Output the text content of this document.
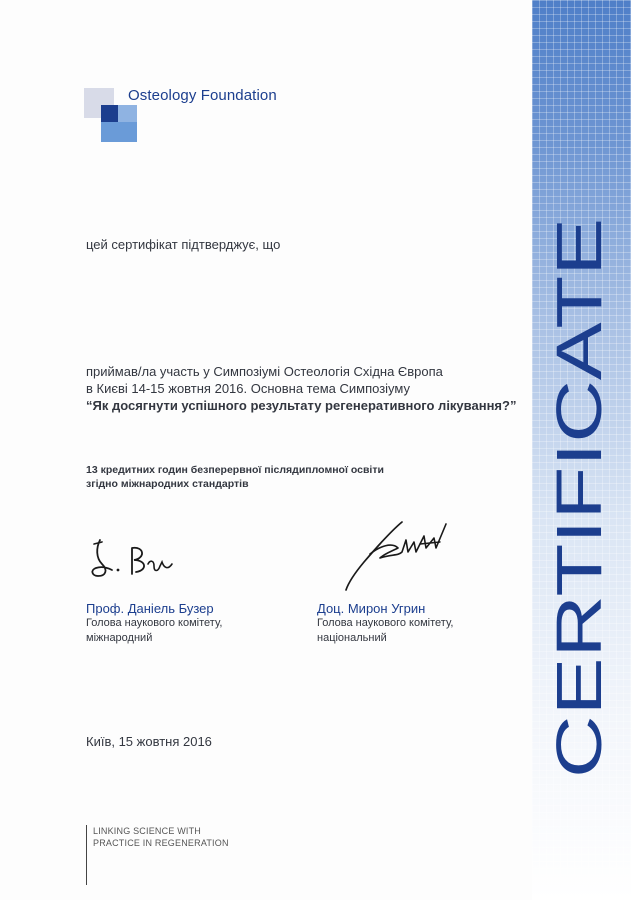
CERTIFICATE
Osteology Foundation
цей сертифікат підтверджує, що
приймав/ла участь у Симпозіумі Остеологія Східна Європа
в Києві 14-15 жовтня 2016. Основна тема Симпозіуму
“Як досягнути успішного результату регенеративного лікування?”
13 кредитних годин безперервної післядипломної освіти
згідно міжнародних стандартів
Проф. Даніель Бузер
Голова наукового комітету,
міжнародний
Доц. Мирон Угрин
Голова наукового комітету,
національний
Київ, 15 жовтня 2016
LINKING SCIENCE WITH
PRACTICE IN REGENERATION
